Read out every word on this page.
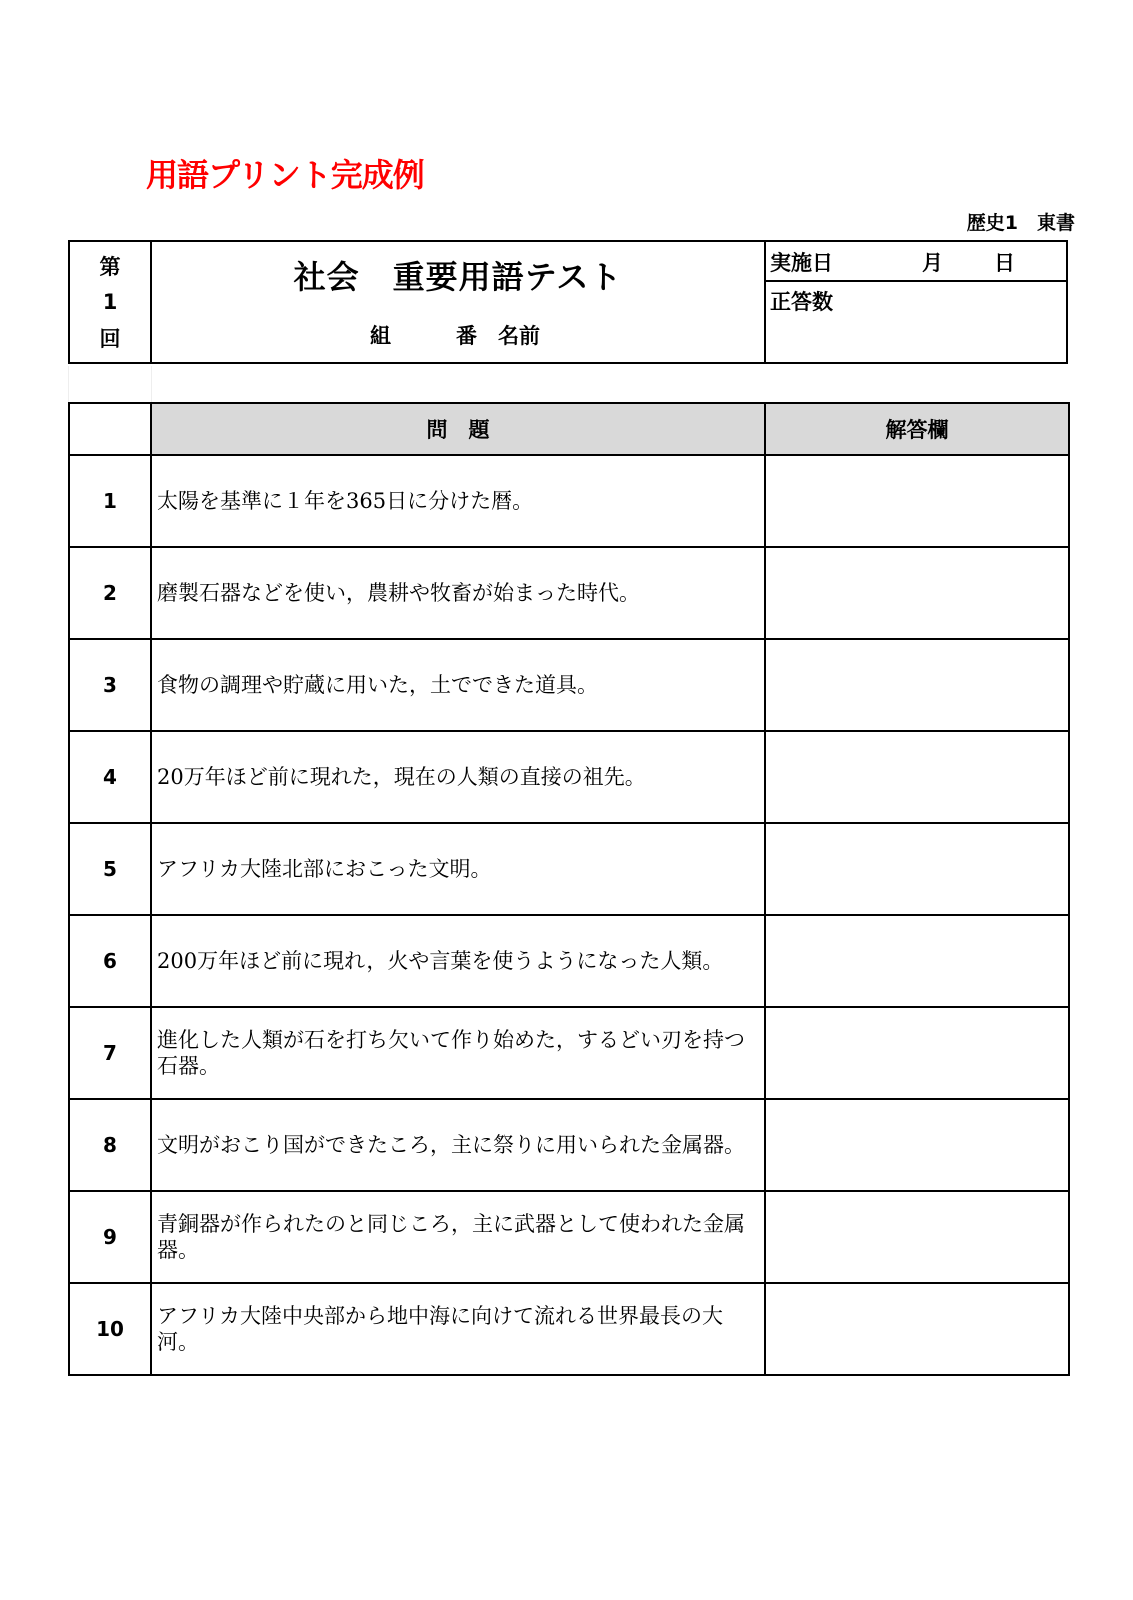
用語プリント完成例
歴史1　東書
第
1
回
社会　重要用語テスト
組	番 名前
実施日	月 日
正答数
	問　題	解答欄
1	太陽を基準に１年を365日に分けた暦。	
2	磨製石器などを使い，農耕や牧畜が始まった時代。	
3	食物の調理や貯蔵に用いた，土でできた道具。	
4	20万年ほど前に現れた，現在の人類の直接の祖先。	
5	アフリカ大陸北部におこった文明。	
6	200万年ほど前に現れ，火や言葉を使うようになった人類。	
7	進化した人類が石を打ち欠いて作り始めた，するどい刃を持つ石器。	
8	文明がおこり国ができたころ，主に祭りに用いられた金属器。	
9	青銅器が作られたのと同じころ，主に武器として使われた金属器。	
10	アフリカ大陸中央部から地中海に向けて流れる世界最長の大河。	
